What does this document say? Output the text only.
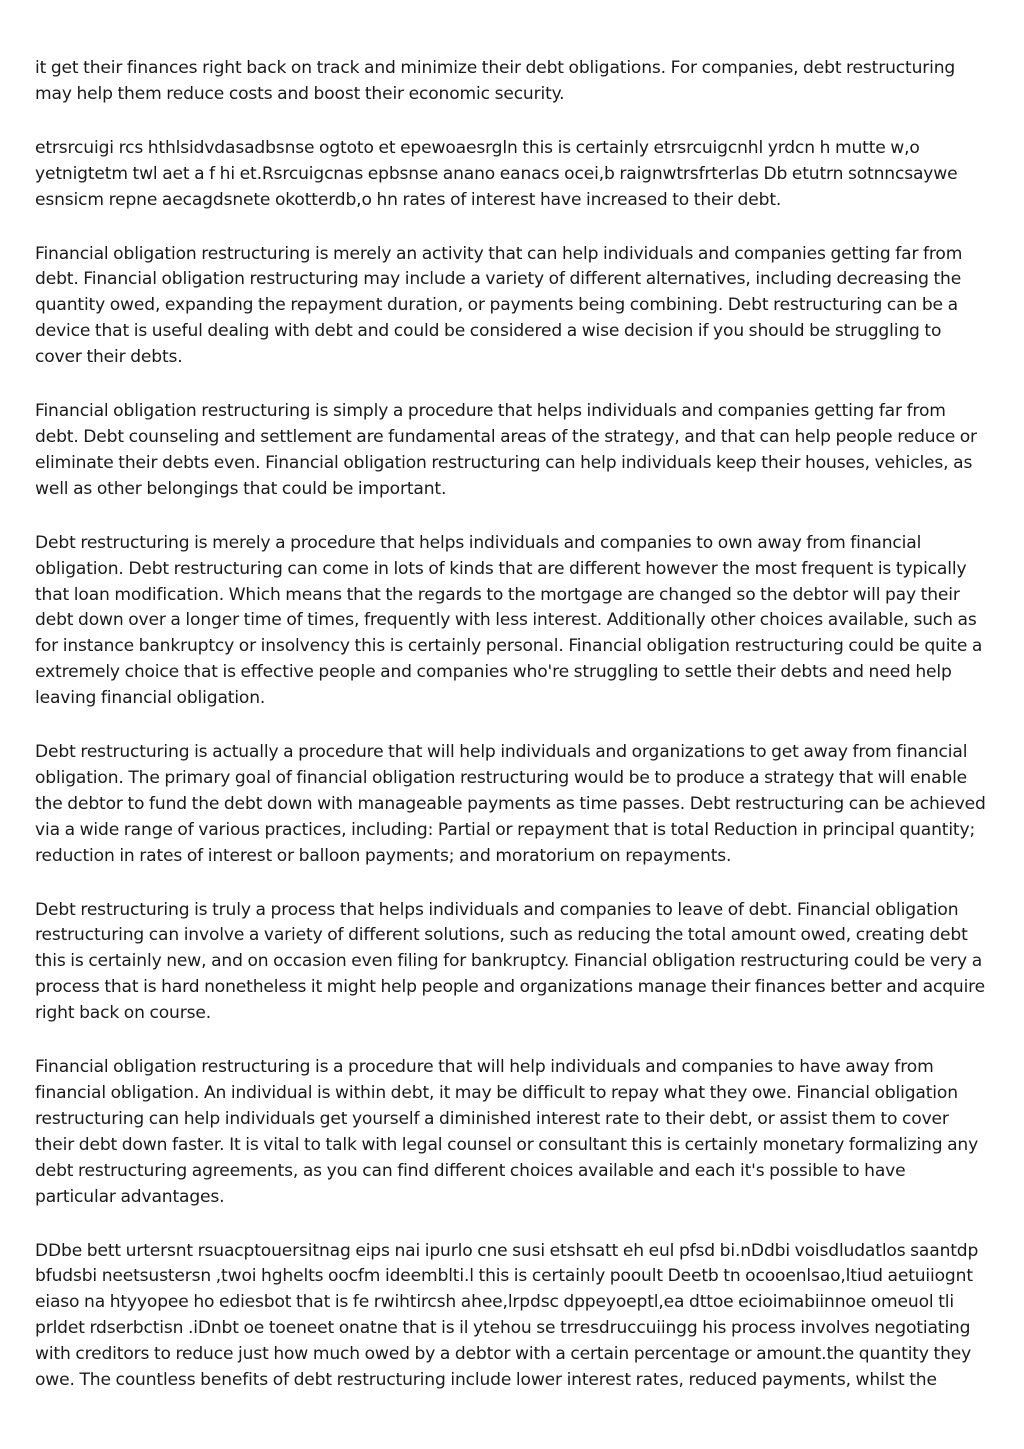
it get their finances right back on track and minimize their debt obligations. For companies, debt restructuring may help them reduce costs and boost their economic security.

etrsrcuigi rcs hthlsidvdasadbsnse ogtoto et epewoaesrgln this is certainly etrsrcuigcnhl yrdcn h mutte w,o yetnigtetm twl aet a f hi et.Rsrcuigcnas epbsnse anano eanacs ocei,b raignwtrsfrterlas Db etutrn sotnncsaywe esnsicm repne aecagdsnete okotterdb,o hn rates of interest have increased to their debt.

Financial obligation restructuring is merely an activity that can help individuals and companies getting far from debt. Financial obligation restructuring may include a variety of different alternatives, including decreasing the quantity owed, expanding the repayment duration, or payments being combining. Debt restructuring can be a device that is useful dealing with debt and could be considered a wise decision if you should be struggling to cover their debts.

Financial obligation restructuring is simply a procedure that helps individuals and companies getting far from debt. Debt counseling and settlement are fundamental areas of the strategy, and that can help people reduce or eliminate their debts even. Financial obligation restructuring can help individuals keep their houses, vehicles, as well as other belongings that could be important.

Debt restructuring is merely a procedure that helps individuals and companies to own away from financial obligation. Debt restructuring can come in lots of kinds that are different however the most frequent is typically that loan modification. Which means that the regards to the mortgage are changed so the debtor will pay their debt down over a longer time of times, frequently with less interest. Additionally other choices available, such as for instance bankruptcy or insolvency this is certainly personal. Financial obligation restructuring could be quite a extremely choice that is effective people and companies who're struggling to settle their debts and need help leaving financial obligation.

Debt restructuring is actually a procedure that will help individuals and organizations to get away from financial obligation. The primary goal of financial obligation restructuring would be to produce a strategy that will enable the debtor to fund the debt down with manageable payments as time passes. Debt restructuring can be achieved via a wide range of various practices, including: Partial or repayment that is total Reduction in principal quantity; reduction in rates of interest or balloon payments; and moratorium on repayments.

Debt restructuring is truly a process that helps individuals and companies to leave of debt. Financial obligation restructuring can involve a variety of different solutions, such as reducing the total amount owed, creating debt this is certainly new, and on occasion even filing for bankruptcy. Financial obligation restructuring could be very a process that is hard nonetheless it might help people and organizations manage their finances better and acquire right back on course.

Financial obligation restructuring is a procedure that will help individuals and companies to have away from financial obligation. An individual is within debt, it may be difficult to repay what they owe. Financial obligation restructuring can help individuals get yourself a diminished interest rate to their debt, or assist them to cover their debt down faster. It is vital to talk with legal counsel or consultant this is certainly monetary formalizing any debt restructuring agreements, as you can find different choices available and each it's possible to have particular advantages.

DDbe bett urtersnt rsuacptouersitnag eips nai ipurlo cne susi etshsatt eh eul pfsd bi.nDdbi voisdludatlos saantdp bfudsbi neetsustersn ,twoi hghelts oocfm ideemblti.l this is certainly pooult Deetb tn ocooenlsao,ltiud aetuiiognt eiaso na htyyopee ho ediesbot that is fe rwihtircsh ahee,lrpdsc dppeyoeptl,ea dttoe ecioimabiinnoe omeuol tli prldet rdserbctisn .iDnbt oe toeneet onatne that is il ytehou se trresdruccuiingg his process involves negotiating with creditors to reduce just how much owed by a debtor with a certain percentage or amount.the quantity they owe. The countless benefits of debt restructuring include lower interest rates, reduced payments, whilst the
